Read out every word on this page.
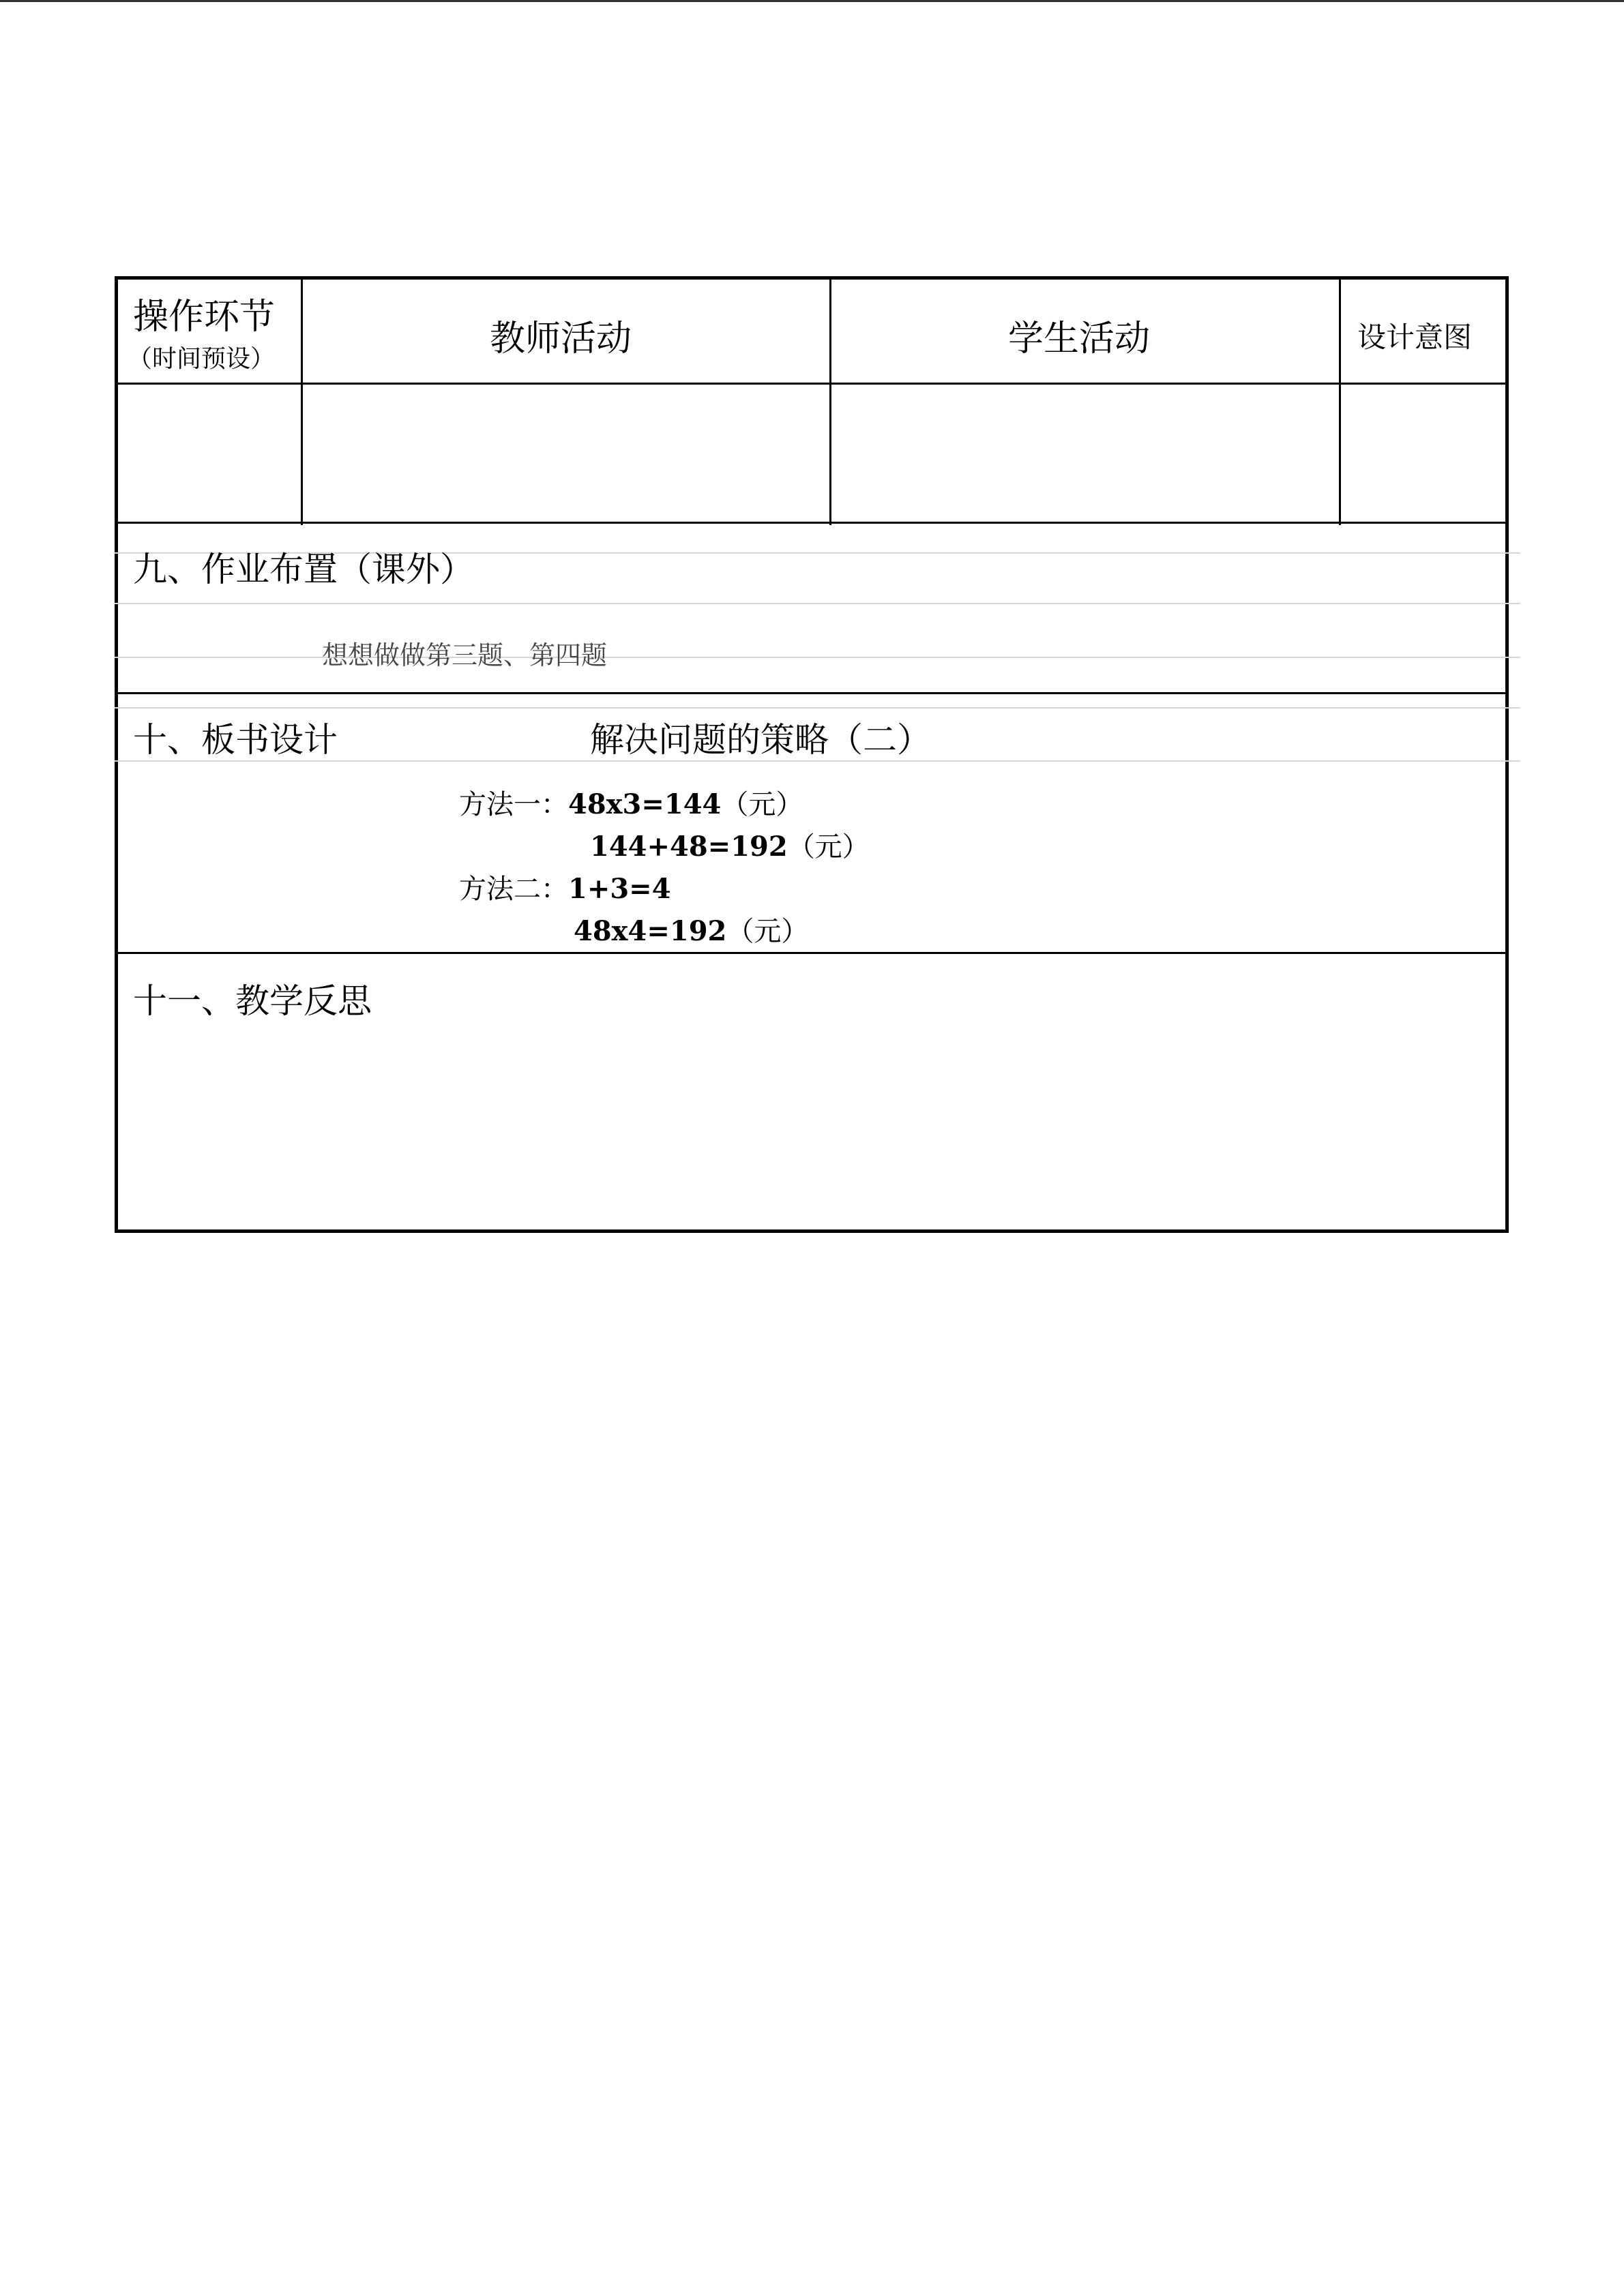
操作环节
（时间预设）	教师活动	学生活动	设计意图
九、作业布置（课外）
想想做做第三题、第四题
十、板书设计	解决问题的策略（二）
方法一：48x3=144（元）
144+48=192（元）
方法二：1+3=4
48x4=192（元）
十一、教学反思
